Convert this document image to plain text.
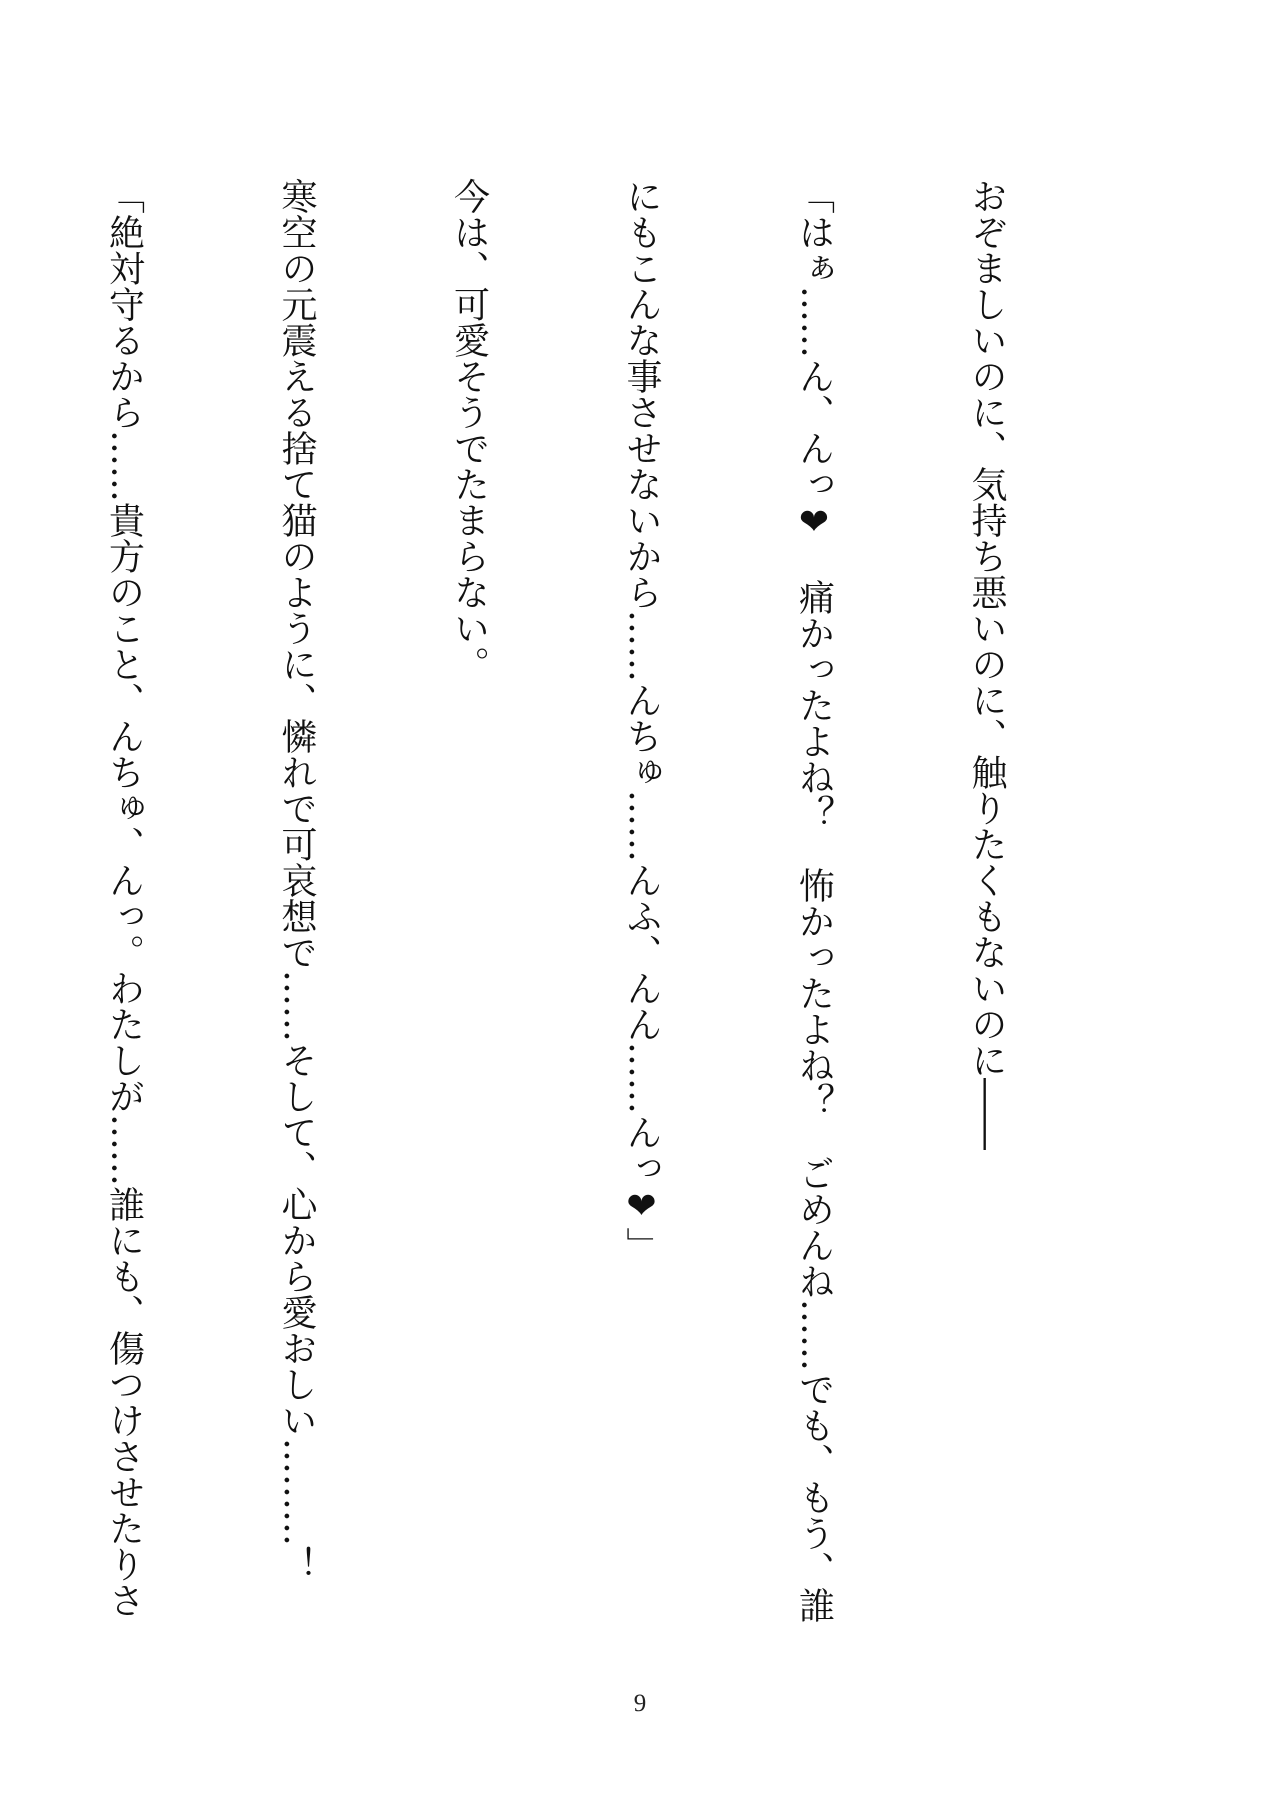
おぞましいのに、気持ち悪いのに、触りたくもないのに――

「はぁ……ん、んっ❤　痛かったよね？　怖かったよね？　ごめんね……でも、もう、誰

にもこんな事させないから……んちゅ……んふ、んん……んっ❤」

今は、可愛そうでたまらない。

寒空の元震える捨て猫のように、憐れで可哀想で……そして、心から愛おしい………！

「絶対守るから……貴方のこと、んちゅ、んっ。わたしが……誰にも、傷つけさせたりさ

9
